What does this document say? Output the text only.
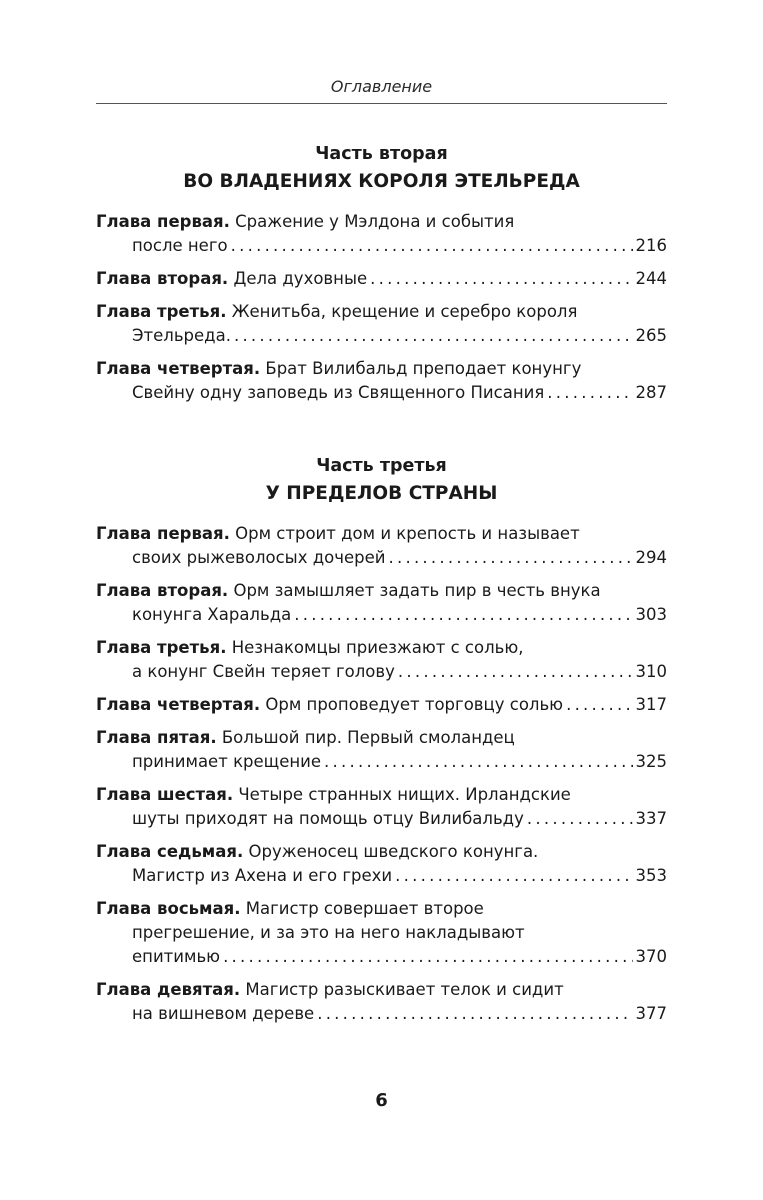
Оглавление
Часть вторая
ВО ВЛАДЕНИЯХ КОРОЛЯ ЭТЕЛЬРЕДА
Глава первая.
Сражение у Мэлдона и события
после него . . .	216
Глава вторая.
Дела духовные . . .	244
Глава третья.
Женитьба, крещение и серебро короля
Этельреда. . . .	265
Глава четвертая.
Брат Вилибальд преподает конунгу
Свейну одну заповедь из Священного Писания . . .	287
Часть третья
У ПРЕДЕЛОВ СТРАНЫ
Глава первая.
Орм строит дом и крепость и называет
своих рыжеволосых дочерей . . .	294
Глава вторая.
Орм замышляет задать пир в честь внука
конунга Харальда . . .	303
Глава третья.
Незнакомцы приезжают с солью,
а конунг Свейн теряет голову . . .	310
Глава четвертая.
Орм проповедует торговцу солью . . .	317
Глава пятая.
Большой пир. Первый смоландец
принимает крещение . . .	325
Глава шестая.
Четыре странных нищих. Ирландские
шуты приходят на помощь отцу Вилибальду . . .	337
Глава седьмая.
Оруженосец шведского конунга.
Магистр из Ахена и его грехи . . .	353
Глава восьмая.
Магистр совершает второе
прегрешение, и за это на него накладывают
епитимью . . .	370
Глава девятая.
Магистр разыскивает телок и сидит
на вишневом дереве . . .	377
6
